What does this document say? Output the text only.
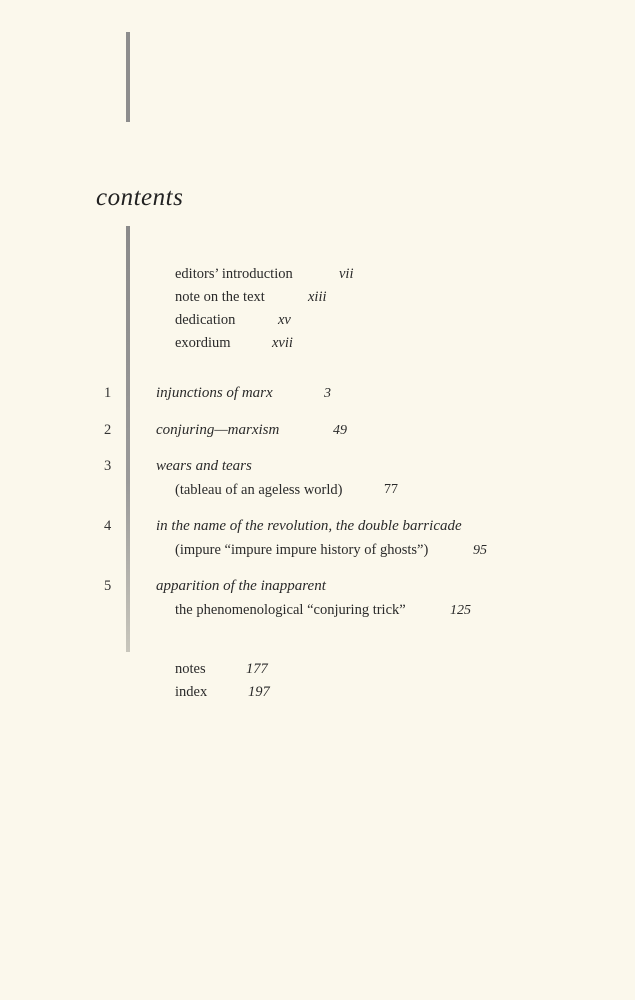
contents
editors’ introduction	vii
note on the text	xiii
dedication	xv
exordium	xvii
1	injunctions of marx	3
2	conjuring—marxism	49
3	wears and tears
(tableau of an ageless world)	77
4	in the name of the revolution, the double barricade
(impure “impure impure history of ghosts”)	95
5	apparition of the inapparent
the phenomenological “conjuring trick”	125
notes	177
index	197
